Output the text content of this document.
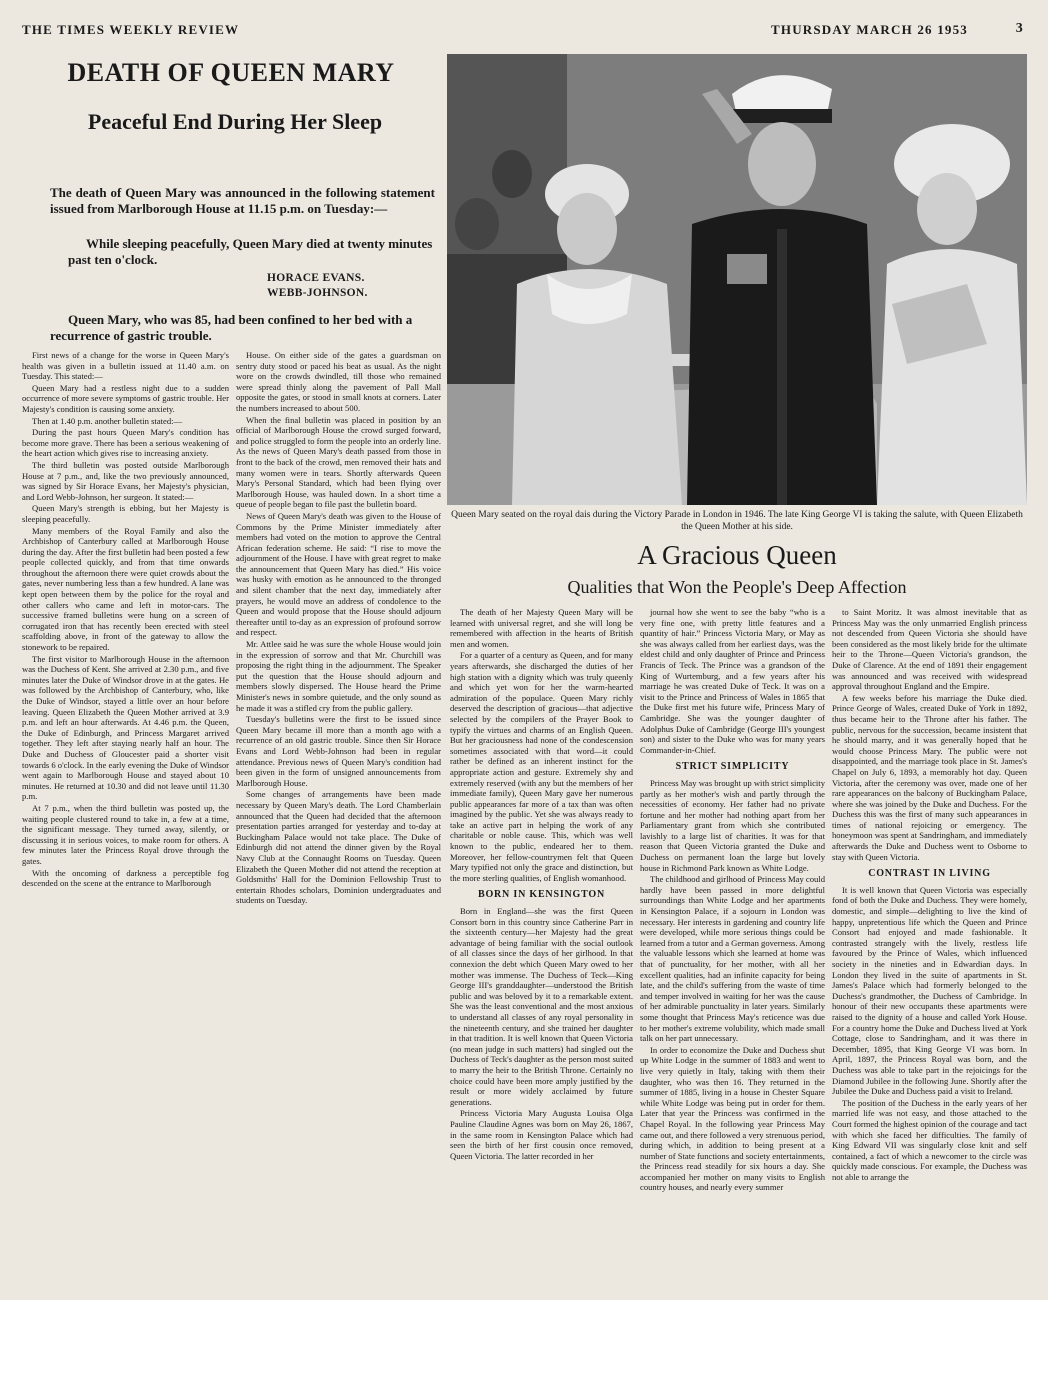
THE TIMES WEEKLY REVIEW	THURSDAY MARCH 26 1953	3
DEATH OF QUEEN MARY
Peaceful End During Her Sleep

The death of Queen Mary was announced in the following statement issued from Marlborough House at 11.15 p.m. on Tuesday:—

While sleeping peacefully, Queen Mary died at twenty minutes past ten o'clock.

HORACE EVANS.
WEBB-JOHNSON.

Queen Mary, who was 85, had been confined to her bed with a recurrence of gastric trouble.

First news of a change for the worse in Queen Mary's health was given in a bulletin issued at 11.40 a.m. on Tuesday. This stated:—

Queen Mary had a restless night due to a sudden occurrence of more severe symptoms of gastric trouble. Her Majesty's condition is causing some anxiety.

Then at 1.40 p.m. another bulletin stated:—

During the past hours Queen Mary's condition has become more grave. There has been a serious weakening of the heart action which gives rise to increasing anxiety.

The third bulletin was posted outside Marlborough House at 7 p.m., and, like the two previously announced, was signed by Sir Horace Evans, her Majesty's physician, and Lord Webb-Johnson, her surgeon. It stated:—

Queen Mary's strength is ebbing, but her Majesty is sleeping peacefully.

Many members of the Royal Family and also the Archbishop of Canterbury called at Marlborough House during the day. After the first bulletin had been posted a few people collected quickly, and from that time onwards throughout the afternoon there were quiet crowds about the gates, never numbering less than a few hundred. A lane was kept open between them by the police for the royal and other callers who came and left in motor-cars. The successive framed bulletins were hung on a screen of corrugated iron that has recently been erected with steel scaffolding above, in front of the gateway to allow the stonework to be repaired.

The first visitor to Marlborough House in the afternoon was the Duchess of Kent. She arrived at 2.30 p.m., and five minutes later the Duke of Windsor drove in at the gates. He was followed by the Archbishop of Canterbury, who, like the Duke of Windsor, stayed a little over an hour before leaving. Queen Elizabeth the Queen Mother arrived at 3.9 p.m. and left an hour afterwards. At 4.46 p.m. the Queen, the Duke of Edinburgh, and Princess Margaret arrived together. They left after staying nearly half an hour. The Duke and Duchess of Gloucester paid a shorter visit towards 6 o'clock. In the early evening the Duke of Windsor went again to Marlborough House and stayed about 10 minutes. He returned at 10.30 and did not leave until 11.30 p.m.

At 7 p.m., when the third bulletin was posted up, the waiting people clustered round to take in, a few at a time, the significant message. They turned away, silently, or discussing it in serious voices, to make room for others. A few minutes later the Princess Royal drove through the gates.

With the oncoming of darkness a perceptible fog descended on the scene at the entrance to Marlborough

House. On either side of the gates a guardsman on sentry duty stood or paced his beat as usual. As the night wore on the crowds dwindled, till those who remained were spread thinly along the pavement of Pall Mall opposite the gates, or stood in small knots at corners. Later the numbers increased to about 500.

When the final bulletin was placed in position by an official of Marlborough House the crowd surged forward, and police struggled to form the people into an orderly line. As the news of Queen Mary's death passed from those in front to the back of the crowd, men removed their hats and many women were in tears. Shortly afterwards Queen Mary's Personal Standard, which had been flying over Marlborough House, was hauled down. In a short time a queue of people began to file past the bulletin board.

News of Queen Mary's death was given to the House of Commons by the Prime Minister immediately after members had voted on the motion to approve the Central African federation scheme. He said: “I rise to move the adjournment of the House. I have with great regret to make the announcement that Queen Mary has died.” His voice was husky with emotion as he announced to the thronged and silent chamber that the next day, immediately after prayers, he would move an address of condolence to the Queen and would propose that the House should adjourn thereafter until to-day as an expression of profound sorrow and respect.

Mr. Attlee said he was sure the whole House would join in the expression of sorrow and that Mr. Churchill was proposing the right thing in the adjournment. The Speaker put the question that the House should adjourn and members slowly dispersed. The House heard the Prime Minister's news in sombre quietude, and the only sound as he made it was a stifled cry from the public gallery.

Tuesday's bulletins were the first to be issued since Queen Mary became ill more than a month ago with a recurrence of an old gastric trouble. Since then Sir Horace Evans and Lord Webb-Johnson had been in regular attendance. Previous news of Queen Mary's condition had been given in the form of unsigned announcements from Marlborough House.

Some changes of arrangements have been made necessary by Queen Mary's death. The Lord Chamberlain announced that the Queen had decided that the afternoon presentation parties arranged for yesterday and to-day at Buckingham Palace would not take place. The Duke of Edinburgh did not attend the dinner given by the Royal Navy Club at the Connaught Rooms on Tuesday. Queen Elizabeth the Queen Mother did not attend the reception at Goldsmiths' Hall for the Dominion Fellowship Trust to entertain Rhodes scholars, Dominion undergraduates and students on Tuesday.

Queen Mary seated on the royal dais during the Victory Parade in London in 1946. The late King George VI is taking the salute, with Queen Elizabeth the Queen Mother at his side.

A Gracious Queen
Qualities that Won the People's Deep Affection

The death of her Majesty Queen Mary will be learned with universal regret, and she will long be remembered with affection in the hearts of British men and women.

For a quarter of a century as Queen, and for many years afterwards, she discharged the duties of her high station with a dignity which was truly queenly and which yet won for her the warm-hearted admiration of the populace. Queen Mary richly deserved the description of gracious—that adjective selected by the compilers of the Prayer Book to typify the virtues and charms of an English Queen. But her graciousness had none of the condescension sometimes associated with that word—it could rather be defined as an inherent instinct for the appropriate action and gesture. Extremely shy and extremely reserved (with any but the members of her immediate family), Queen Mary gave her numerous public appearances far more of a tax than was often imagined by the public. Yet she was always ready to take an active part in helping the work of any charitable or noble cause. This, which was well known to the public, endeared her to them. Moreover, her fellow-countrymen felt that Queen Mary typified not only the grace and distinction, but the more sterling qualities, of English womanhood.

BORN IN KENSINGTON

Born in England—she was the first Queen Consort born in this country since Catherine Parr in the sixteenth century—her Majesty had the great advantage of being familiar with the social outlook of all classes since the days of her girlhood. In that connexion the debt which Queen Mary owed to her mother was immense. The Duchess of Teck—King George III's granddaughter—understood the British public and was beloved by it to a remarkable extent. She was the least conventional and the most anxious to understand all classes of any royal personality in the nineteenth century, and she trained her daughter in that tradition. It is well known that Queen Victoria (no mean judge in such matters) had singled out the Duchess of Teck's daughter as the person most suited to marry the heir to the British Throne. Certainly no choice could have been more amply justified by the result or more widely acclaimed by future generations.

Princess Victoria Mary Augusta Louisa Olga Pauline Claudine Agnes was born on May 26, 1867, in the same room in Kensington Palace which had seen the birth of her first cousin once removed, Queen Victoria. The latter recorded in her

journal how she went to see the baby “who is a very fine one, with pretty little features and a quantity of hair.” Princess Victoria Mary, or May as she was always called from her earliest days, was the eldest child and only daughter of Prince and Princess Francis of Teck. The Prince was a grandson of the King of Wurtemburg, and a few years after his marriage he was created Duke of Teck. It was on a visit to the Prince and Princess of Wales in 1865 that the Duke first met his future wife, Princess Mary of Cambridge. She was the younger daughter of Adolphus Duke of Cambridge (George III's youngest son) and sister to the Duke who was for many years Commander-in-Chief.

STRICT SIMPLICITY

Princess May was brought up with strict simplicity partly as her mother's wish and partly through the necessities of economy. Her father had no private fortune and her mother had nothing apart from her Parliamentary grant from which she contributed lavishly to a large list of charities. It was for that reason that Queen Victoria granted the Duke and Duchess on permanent loan the large but lovely house in Richmond Park known as White Lodge.

The childhood and girlhood of Princess May could hardly have been passed in more delightful surroundings than White Lodge and her apartments in Kensington Palace, if a sojourn in London was necessary. Her interests in gardening and country life were developed, while more serious things could be learned from a tutor and a German governess. Among the valuable lessons which she learned at home was that of punctuality, for her mother, with all her excellent qualities, had an infinite capacity for being late, and the child's suffering from the waste of time and temper involved in waiting for her was the cause of her admirable punctuality in later years. Similarly some thought that Princess May's reticence was due to her mother's extreme volubility, which made small talk on her part unnecessary.

In order to economize the Duke and Duchess shut up White Lodge in the summer of 1883 and went to live very quietly in Italy, taking with them their daughter, who was then 16. They returned in the summer of 1885, living in a house in Chester Square while White Lodge was being put in order for them. Later that year the Princess was confirmed in the Chapel Royal. In the following year Princess May came out, and there followed a very strenuous period, during which, in addition to being present at a number of State functions and society entertainments, the Princess read steadily for six hours a day. She accompanied her mother on many visits to English country houses, and nearly every summer

to Saint Moritz. It was almost inevitable that as Princess May was the only unmarried English princess not descended from Queen Victoria she should have been considered as the most likely bride for the ultimate heir to the Throne—Queen Victoria's grandson, the Duke of Clarence. At the end of 1891 their engagement was announced and was received with widespread approval throughout England and the Empire.

A few weeks before his marriage the Duke died. Prince George of Wales, created Duke of York in 1892, thus became heir to the Throne after his father. The public, nervous for the succession, became insistent that he should marry, and it was generally hoped that he would choose Princess Mary. The public were not disappointed, and the marriage took place in St. James's Chapel on July 6, 1893, a memorably hot day. Queen Victoria, after the ceremony was over, made one of her rare appearances on the balcony of Buckingham Palace, where she was joined by the Duke and Duchess. For the Duchess this was the first of many such appearances in times of national rejoicing or emergency. The honeymoon was spent at Sandringham, and immediately afterwards the Duke and Duchess went to Osborne to stay with Queen Victoria.

CONTRAST IN LIVING

It is well known that Queen Victoria was especially fond of both the Duke and Duchess. They were homely, domestic, and simple—delighting to live the kind of happy, unpretentious life which the Queen and Prince Consort had enjoyed and made fashionable. It contrasted strangely with the lively, restless life favoured by the Prince of Wales, which influenced society in the nineties and in Edwardian days. In London they lived in the suite of apartments in St. James's Palace which had formerly belonged to the Duchess's grandmother, the Duchess of Cambridge. In honour of their new occupants these apartments were raised to the dignity of a house and called York House. For a country home the Duke and Duchess lived at York Cottage, close to Sandringham, and it was there in December, 1895, that King George VI was born. In April, 1897, the Princess Royal was born, and the Duchess was able to take part in the rejoicings for the Diamond Jubilee in the following June. Shortly after the Jubilee the Duke and Duchess paid a visit to Ireland.

The position of the Duchess in the early years of her married life was not easy, and those attached to the Court formed the highest opinion of the courage and tact with which she faced her difficulties. The family of King Edward VII was singularly close knit and self contained, a fact of which a newcomer to the circle was quickly made conscious. For example, the Duchess was not able to arrange the
